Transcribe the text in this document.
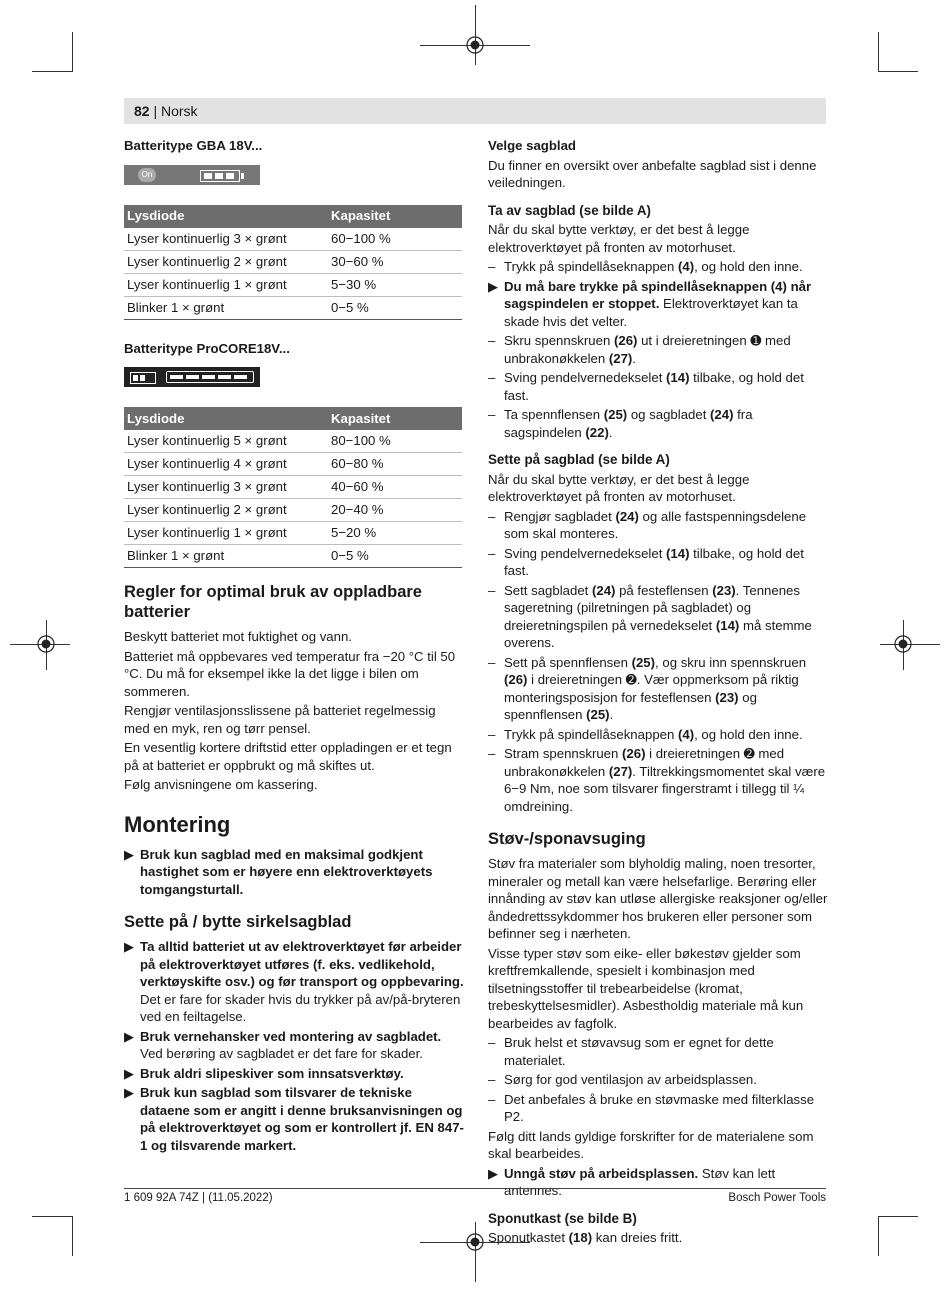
82 | Norsk
Batteritype GBA 18V...
On
Lysdiode	Kapasitet
Lyser kontinuerlig 3 × grønt	60−100 %
Lyser kontinuerlig 2 × grønt	30−60 %
Lyser kontinuerlig 1 × grønt	5−30 %
Blinker 1 × grønt	0−5 %
Batteritype ProCORE18V...
Lysdiode	Kapasitet
Lyser kontinuerlig 5 × grønt	80−100 %
Lyser kontinuerlig 4 × grønt	60−80 %
Lyser kontinuerlig 3 × grønt	40−60 %
Lyser kontinuerlig 2 × grønt	20−40 %
Lyser kontinuerlig 1 × grønt	5−20 %
Blinker 1 × grønt	0−5 %
Regler for optimal bruk av oppladbare batterier

Beskytt batteriet mot fuktighet og vann.

Batteriet må oppbevares ved temperatur fra −20 °C til 50 °C. Du må for eksempel ikke la det ligge i bilen om sommeren.

Rengjør ventilasjonsslissene på batteriet regelmessig med en myk, ren og tørr pensel.

En vesentlig kortere driftstid etter oppladingen er et tegn på at batteriet er oppbrukt og må skiftes ut.

Følg anvisningene om kassering.

Montering
▶ Bruk kun sagblad med en maksimal godkjent hastighet som er høyere enn elektroverktøyets tomgangsturtall.
Sette på / bytte sirkelsagblad
▶ Ta alltid batteriet ut av elektroverktøyet før arbeider på elektroverktøyet utføres (f. eks. vedlikehold, verktøyskifte osv.) og før transport og oppbevaring. Det er fare for skader hvis du trykker på av/på-bryteren ved en feiltagelse.
▶ Bruk vernehansker ved montering av sagbladet. Ved berøring av sagbladet er det fare for skader.
▶ Bruk aldri slipeskiver som innsatsverktøy.
▶ Bruk kun sagblad som tilsvarer de tekniske dataene som er angitt i denne bruksanvisningen og på elektroverktøyet og som er kontrollert jf. EN 847-1 og tilsvarende markert.
Velge sagblad

Du finner en oversikt over anbefalte sagblad sist i denne veiledningen.

Ta av sagblad (se bilde A)

Når du skal bytte verktøy, er det best å legge elektroverktøyet på fronten av motorhuset.

– Trykk på spindellåseknappen (4), og hold den inne.
▶ Du må bare trykke på spindellåseknappen (4) når sagspindelen er stoppet. Elektroverktøyet kan ta skade hvis det velter.
– Skru spennskruen (26) ut i dreieretningen ➊ med unbrakonøkkelen (27).
– Sving pendelvernedekselet (14) tilbake, og hold det fast.
– Ta spennflensen (25) og sagbladet (24) fra sagspindelen (22).
Sette på sagblad (se bilde A)

Når du skal bytte verktøy, er det best å legge elektroverktøyet på fronten av motorhuset.

– Rengjør sagbladet (24) og alle fastspenningsdelene som skal monteres.
– Sving pendelvernedekselet (14) tilbake, og hold det fast.
– Sett sagbladet (24) på festeflensen (23). Tennenes sageretning (pilretningen på sagbladet) og dreieretningspilen på vernedekselet (14) må stemme overens.
– Sett på spennflensen (25), og skru inn spennskruen (26) i dreieretningen ➋. Vær oppmerksom på riktig monteringsposisjon for festeflensen (23) og spennflensen (25).
– Trykk på spindellåseknappen (4), og hold den inne.
– Stram spennskruen (26) i dreieretningen ➋ med unbrakonøkkelen (27). Tiltrekkingsmomentet skal være 6−9 Nm, noe som tilsvarer fingerstramt i tillegg til ¼ omdreining.
Støv-/sponavsuging

Støv fra materialer som blyholdig maling, noen tresorter, mineraler og metall kan være helsefarlige. Berøring eller innånding av støv kan utløse allergiske reaksjoner og/eller åndedrettssykdommer hos brukeren eller personer som befinner seg i nærheten.

Visse typer støv som eike- eller bøkestøv gjelder som kreftfremkallende, spesielt i kombinasjon med tilsetningsstoffer til trebearbeidelse (kromat, trebeskyttelsesmidler). Asbestholdig materiale må kun bearbeides av fagfolk.

– Bruk helst et støvavsug som er egnet for dette materialet.
– Sørg for god ventilasjon av arbeidsplassen.
– Det anbefales å bruke en støvmaske med filterklasse P2.

Følg ditt lands gyldige forskrifter for de materialene som skal bearbeides.

▶ Unngå støv på arbeidsplassen. Støv kan lett antennes.
Sponutkast (se bilde B)

Sponutkastet (18) kan dreies fritt.

1 609 92A 74Z | (11.05.2022)	Bosch Power Tools
